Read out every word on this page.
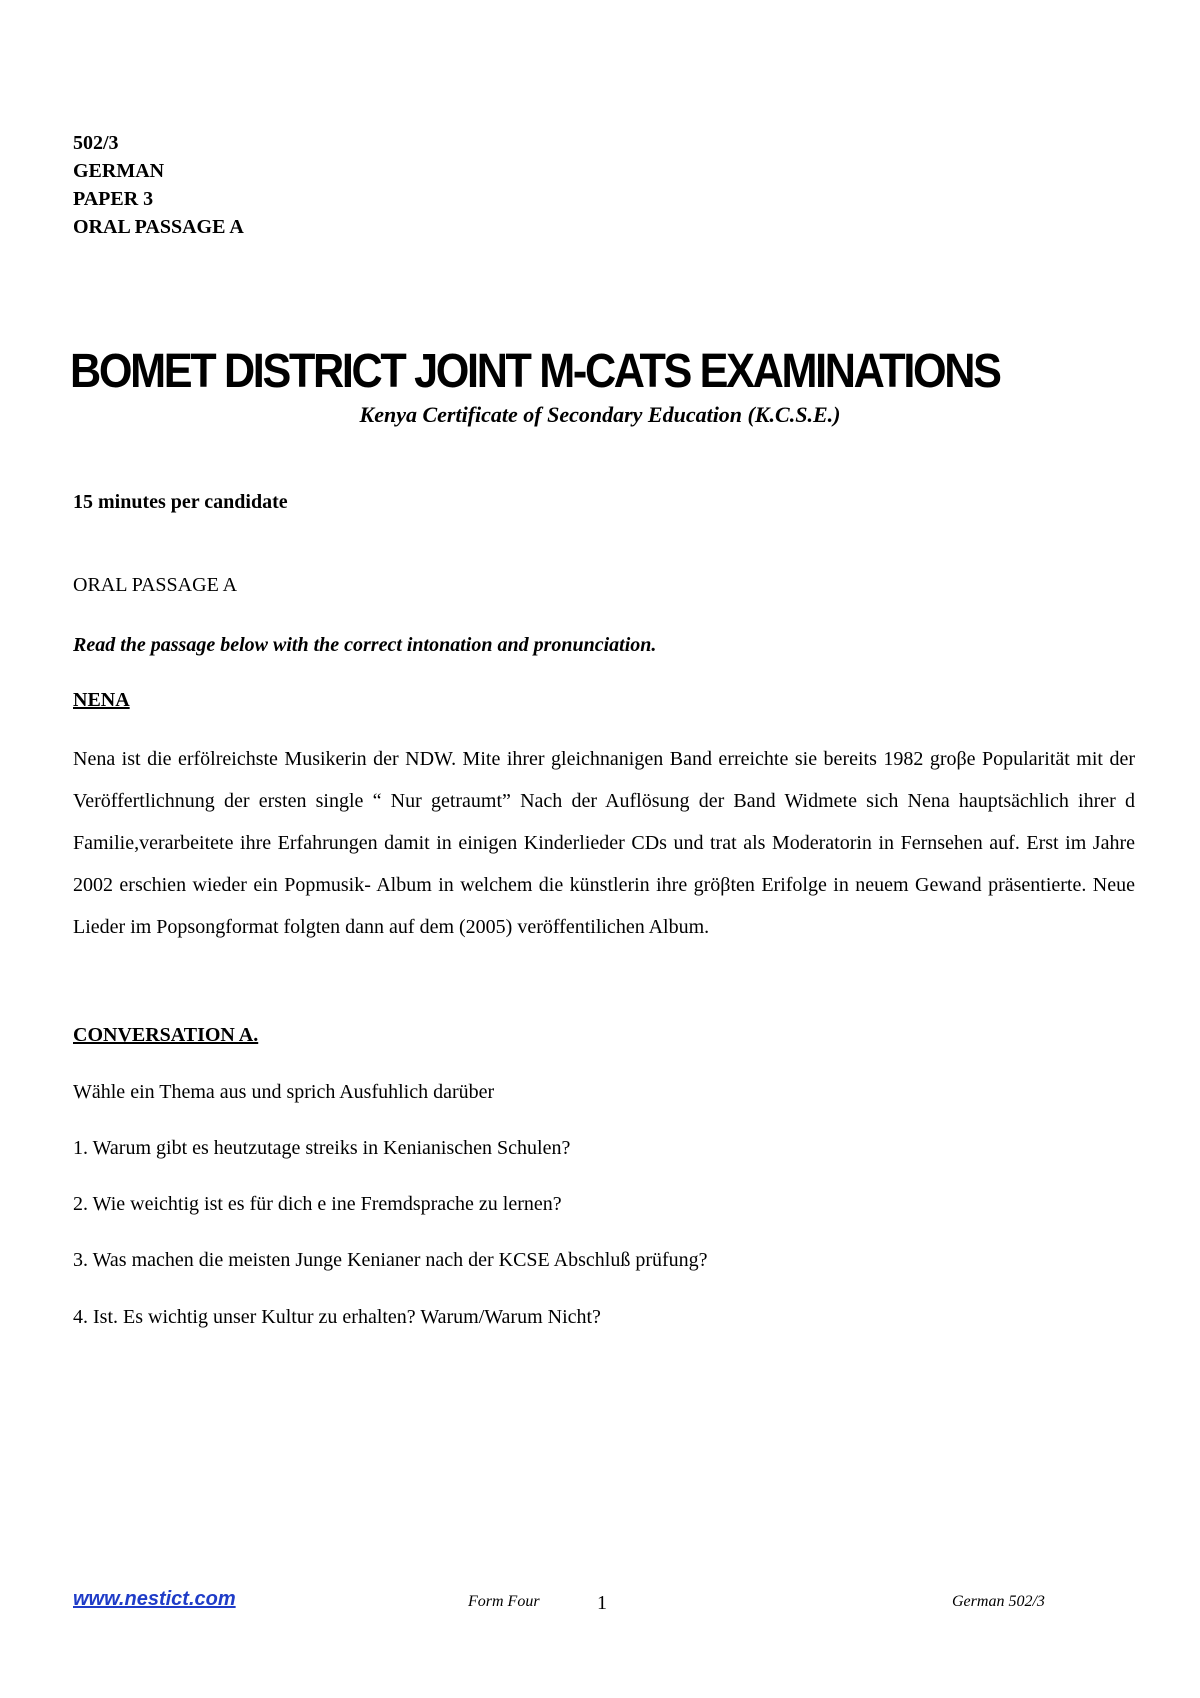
502/3
GERMAN
PAPER 3
ORAL PASSAGE A
BOMET DISTRICT JOINT M-CATS EXAMINATIONS
Kenya Certificate of Secondary Education (K.C.S.E.)
15 minutes per candidate
ORAL PASSAGE A
Read the passage below with the correct intonation and pronunciation.
NENA

Nena ist die erfölreichste Musikerin der NDW. Mite ihrer gleichnanigen Band erreichte sie bereits 1982 groβe Popularität mit der Veröffertlichnung der ersten single “ Nur getraumt” Nach der Auflösung der Band Widmete sich Nena hauptsächlich ihrer d Familie,verarbeitete ihre Erfahrungen damit in einigen Kinderlieder CDs und trat als Moderatorin in Fernsehen auf. Erst im Jahre 2002 erschien wieder ein Popmusik- Album in welchem die künstlerin ihre gröβten Erifolge in neuem Gewand präsentierte. Neue Lieder im Popsongformat folgten dann auf dem (2005) veröffentilichen Album.

CONVERSATION A.
Wähle ein Thema aus und sprich Ausfuhlich darüber
1. Warum gibt es heutzutage streiks in Kenianischen Schulen?
2. Wie weichtig ist es für dich e ine Fremdsprache zu lernen?
3. Was machen die meisten Junge Kenianer nach der KCSE Abschluß prüfung?
4. Ist. Es wichtig unser Kultur zu erhalten? Warum/Warum Nicht?
www.nestict.com	Form Four	1	German 502/3
